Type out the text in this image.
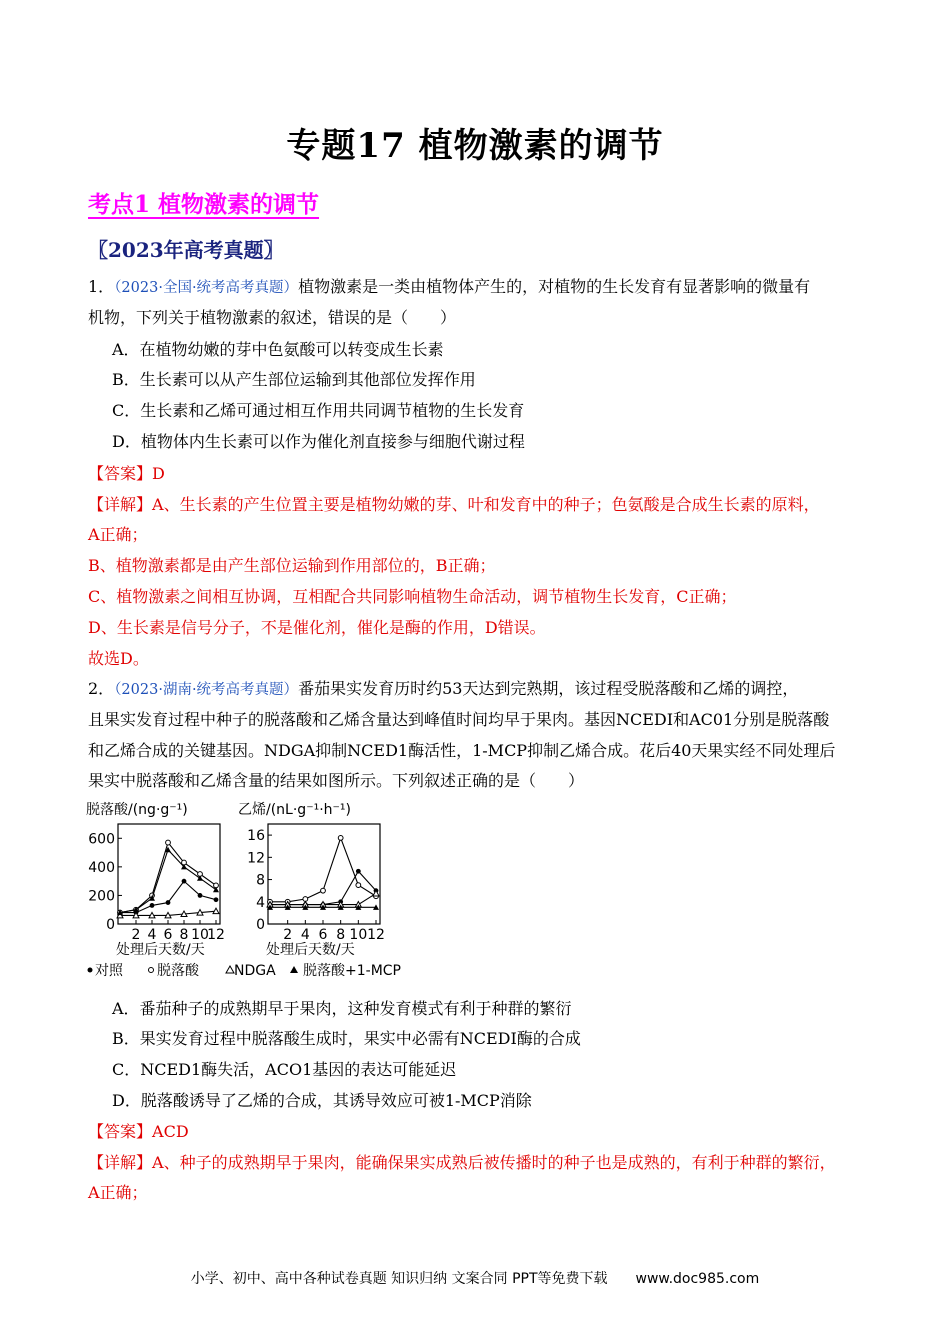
专题17 植物激素的调节
考点1 植物激素的调节
〖2023年高考真题〗
1．（2023·全国·统考高考真题）植物激素是一类由植物体产生的，对植物的生长发育有显著影响的微量有
机物，下列关于植物激素的叙述，错误的是（　　）
A．在植物幼嫩的芽中色氨酸可以转变成生长素
B．生长素可以从产生部位运输到其他部位发挥作用
C．生长素和乙烯可通过相互作用共同调节植物的生长发育
D．植物体内生长素可以作为催化剂直接参与细胞代谢过程
【答案】D
【详解】A、生长素的产生位置主要是植物幼嫩的芽、叶和发育中的种子；色氨酸是合成生长素的原料，
A正确；
B、植物激素都是由产生部位运输到作用部位的，B正确；
C、植物激素之间相互协调，互相配合共同影响植物生命活动，调节植物生长发育，C正确；
D、生长素是信号分子，不是催化剂，催化是酶的作用，D错误。
故选D。
2．（2023·湖南·统考高考真题）番茄果实发育历时约53天达到完熟期，该过程受脱落酸和乙烯的调控，
且果实发育过程中种子的脱落酸和乙烯含量达到峰值时间均早于果肉。基因NCEDI和AC01分别是脱落酸
和乙烯合成的关键基因。NDGA抑制NCED1酶活性，1-MCP抑制乙烯合成。花后40天果实经不同处理后
果实中脱落酸和乙烯含量的结果如图所示。下列叙述正确的是（　　）
脱落酸/(ng·g⁻¹)	乙烯/(nL·g⁻¹·h⁻¹)
0
200
400
600
2 4 6 8 10
12
0
4
8
12
16
2 4 6 8 10 12
处理后天数/天	处理后天数/天
对照 脱落酸	NDGA 脱落酸+1-MCP
A．番茄种子的成熟期早于果肉，这种发育模式有利于种群的繁衍
B．果实发育过程中脱落酸生成时，果实中必需有NCEDI酶的合成
C．NCED1酶失活，ACO1基因的表达可能延迟
D．脱落酸诱导了乙烯的合成，其诱导效应可被1-MCP消除
【答案】ACD
【详解】A、种子的成熟期早于果肉，能确保果实成熟后被传播时的种子也是成熟的，有利于种群的繁衍，
A正确；
小学、初中、高中各种试卷真题 知识归纳 文案合同 PPT等免费下载　　www.doc985.com
